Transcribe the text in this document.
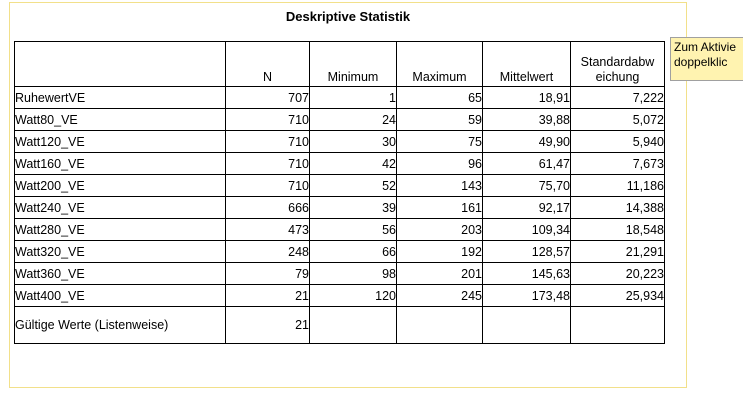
Deskriptive Statistik
	N	Minimum	Maximum	Mittelwert	Standardabw
eichung
RuhewertVE	707	1	65	18,91	7,222
Watt80_VE	710	24	59	39,88	5,072
Watt120_VE	710	30	75	49,90	5,940
Watt160_VE	710	42	96	61,47	7,673
Watt200_VE	710	52	143	75,70	11,186
Watt240_VE	666	39	161	92,17	14,388
Watt280_VE	473	56	203	109,34	18,548
Watt320_VE	248	66	192	128,57	21,291
Watt360_VE	79	98	201	145,63	20,223
Watt400_VE	21	120	245	173,48	25,934
Gültige Werte (Listenweise)	21				
Zum Aktivie
doppelklic
